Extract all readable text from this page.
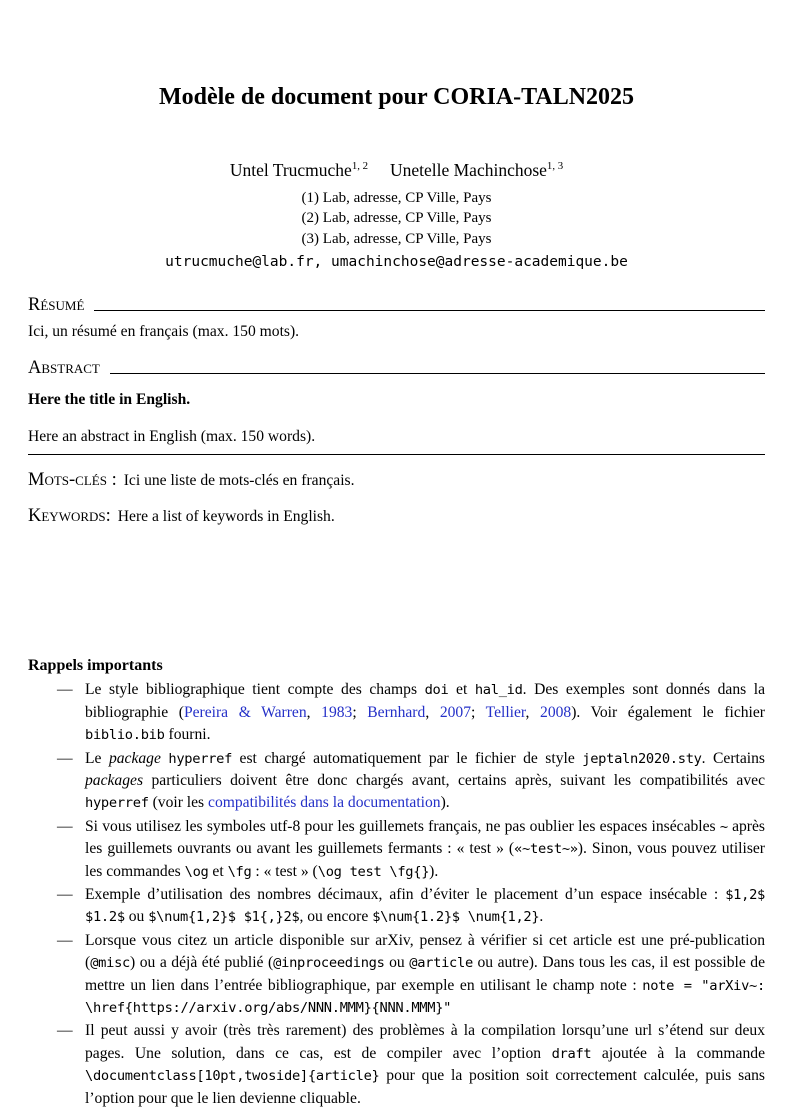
Modèle de document pour CORIA-TALN2025
Untel Trucmuche$^{1, 2}$ Unetelle Machinchose$^{1, 3}$
(1) Lab, adresse, CP Ville, Pays
(2) Lab, adresse, CP Ville, Pays
(3) Lab, adresse, CP Ville, Pays
utrucmuche@lab.fr, umachinchose@adresse-academique.be
Résumé

Ici, un résumé en français (max. 150 mots).

Abstract

Here the title in English.

Here an abstract in English (max. 150 words).

Mots-clés : Ici une liste de mots-clés en français.

Keywords: Here a list of keywords in English.

Rappels importants

— Le style bibliographique tient compte des champs doi et hal_id. Des exemples sont donnés dans la bibliographie (Pereira & Warren, 1983; Bernhard, 2007; Tellier, 2008). Voir également le fichier biblio.bib fourni.
— Le package hyperref est chargé automatiquement par le fichier de style jeptaln2020.sty. Certains packages particuliers doivent être donc chargés avant, certains après, suivant les compatibilités avec hyperref (voir les compatibilités dans la documentation).
— Si vous utilisez les symboles utf-8 pour les guillemets français, ne pas oublier les espaces insécables ~ après les guillemets ouvrants ou avant les guillemets fermants : « test » («~test~»). Sinon, vous pouvez utiliser les commandes \og et \fg : « test » (\og test \fg{}).
— Exemple d’utilisation des nombres décimaux, afin d’éviter le placement d’un espace insécable : $1,2$ $1.2$ ou $\num{1,2}$ $1{,}2$, ou encore $\num{1.2}$ \num{1,2}.
— Lorsque vous citez un article disponible sur arXiv, pensez à vérifier si cet article est une pré-publication (@misc) ou a déjà été publié (@inproceedings ou @article ou autre). Dans tous les cas, il est possible de mettre un lien dans l’entrée bibliographique, par exemple en utilisant le champ note : note = "arXiv~: \href{https://arxiv.org/abs/NNN.MMM}{NNN.MMM}"
— Il peut aussi y avoir (très très rarement) des problèmes à la compilation lorsqu’une url s’étend sur deux pages. Une solution, dans ce cas, est de compiler avec l’option draft ajoutée à la commande \documentclass[10pt,twoside]{article} pour que la position soit correctement calculée, puis sans l’option pour que le lien devienne cliquable.
